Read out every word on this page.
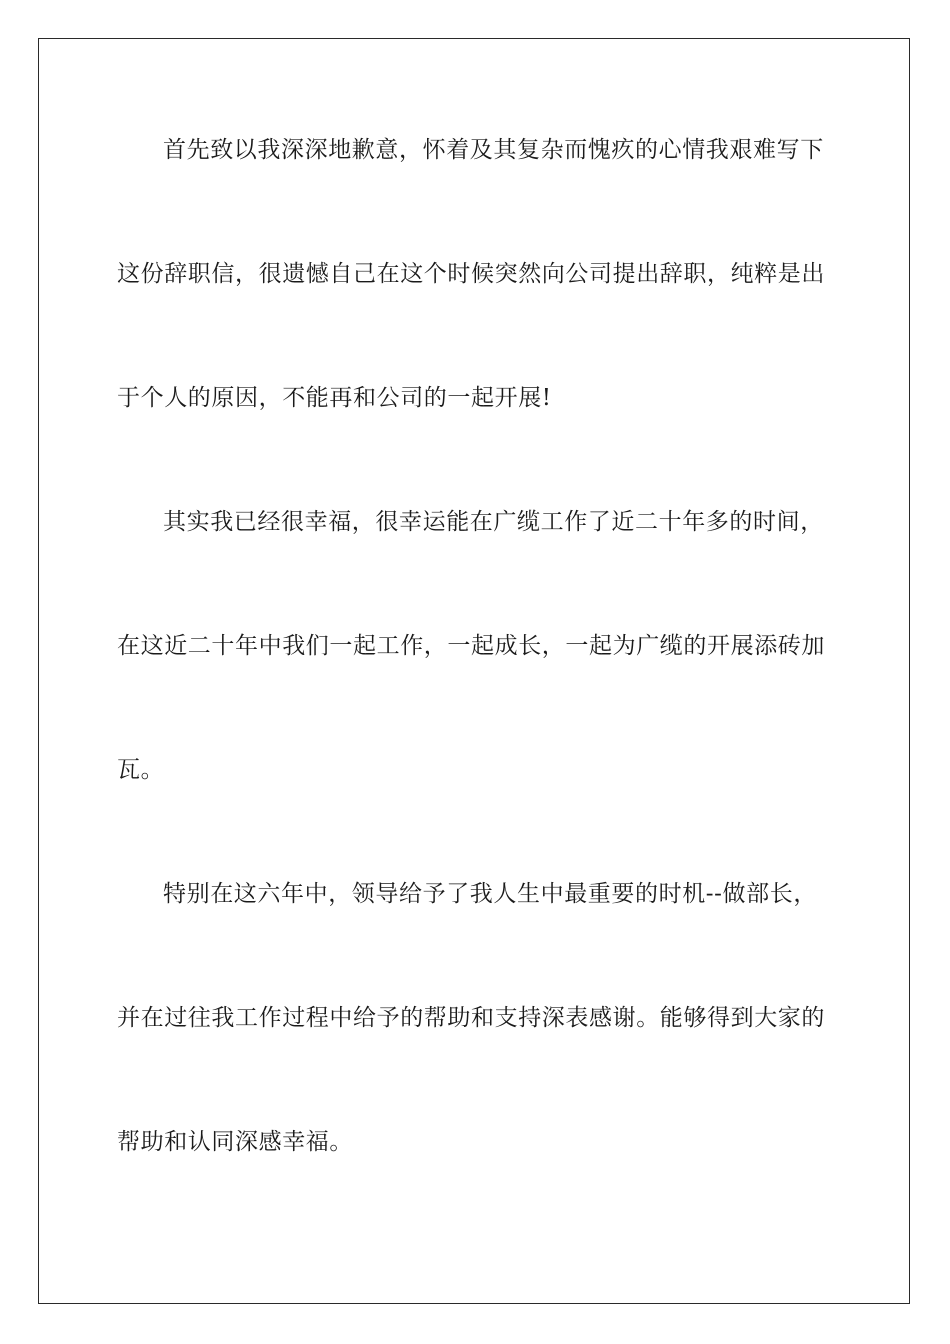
首先致以我深深地歉意，怀着及其复杂而愧疚的心情我艰难写下

这份辞职信，很遗憾自己在这个时候突然向公司提出辞职，纯粹是出

于个人的原因，不能再和公司的一起开展!

其实我已经很幸福，很幸运能在广缆工作了近二十年多的时间，

在这近二十年中我们一起工作，一起成长，一起为广缆的开展添砖加

瓦。

特别在这六年中，领导给予了我人生中最重要的时机--做部长，

并在过往我工作过程中给予的帮助和支持深表感谢。能够得到大家的

帮助和认同深感幸福。
